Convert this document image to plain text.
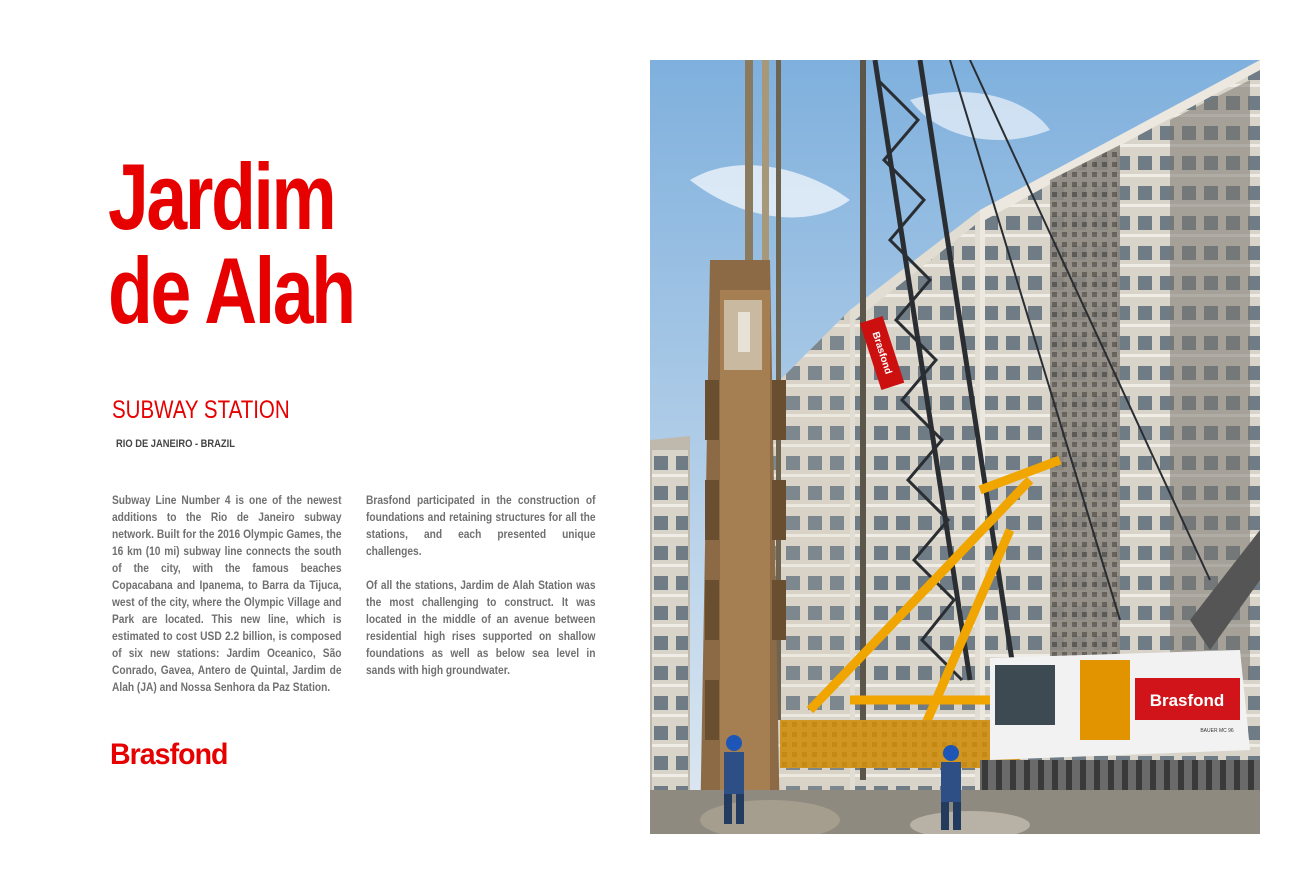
Jardim
de Alah
SUBWAY STATION
RIO DE JANEIRO - BRAZIL

Subway Line Number 4 is one of the newest additions to the Rio de Janeiro subway network. Built for the 2016 Olympic Games, the 16 km (10 mi) subway line connects the south of the city, with the famous beaches Copacabana and Ipanema, to Barra da Tijuca, west of the city, where the Olympic Village and Park are located. This new line, which is estimated to cost USD 2.2 billion, is composed of six new stations: Jardim Oceanico, São Conrado, Gavea, Antero de Quintal, Jardim de Alah (JA) and Nossa Senhora da Paz Station.

Brasfond participated in the construction of foundations and retaining structures for all the stations, and each presented unique challenges.

Of all the stations, Jardim de Alah Station was the most challenging to construct. It was located in the middle of an avenue between residential high rises supported on shallow foundations as well as below sea level in sands with high groundwater.

Brasfond
Brasfond
Brasfond
BAUER MC 96
